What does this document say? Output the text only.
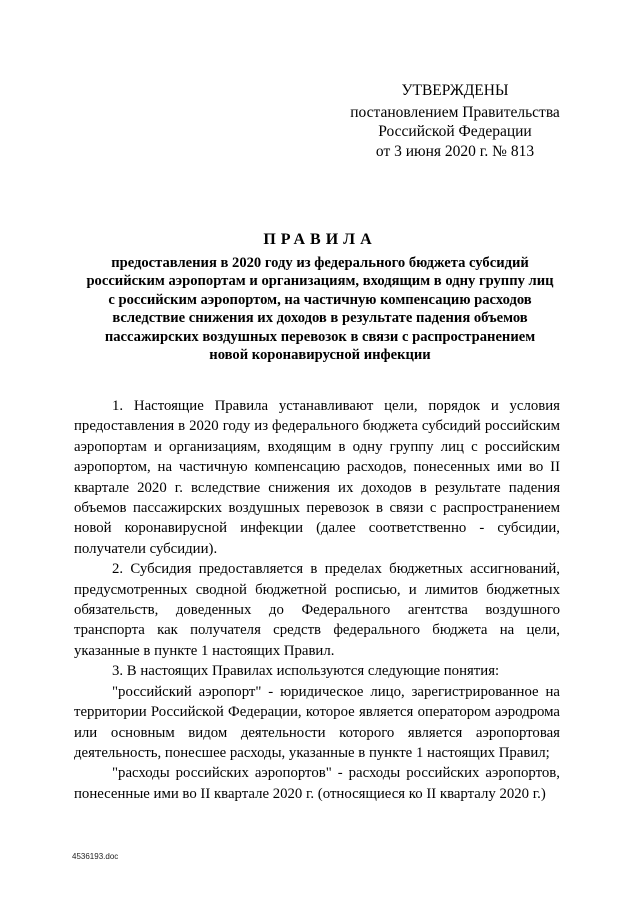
УТВЕРЖДЕНЫ
постановлением Правительства
Российской Федерации
от 3 июня 2020 г. № 813
ПРАВИЛА
предоставления в 2020 году из федерального бюджета субсидий
российским аэропортам и организациям, входящим в одну группу лиц
с российским аэропортом, на частичную компенсацию расходов
вследствие снижения их доходов в результате падения объемов
пассажирских воздушных перевозок в связи с распространением
новой коронавирусной инфекции

1. Настоящие Правила устанавливают цели, порядок и условия предоставления в 2020 году из федерального бюджета субсидий российским аэропортам и организациям, входящим в одну группу лиц с российским аэропортом, на частичную компенсацию расходов, понесенных ими во II квартале 2020 г. вследствие снижения их доходов в результате падения объемов пассажирских воздушных перевозок в связи с распространением новой коронавирусной инфекции (далее соответственно - субсидии, получатели субсидии).

2. Субсидия предоставляется в пределах бюджетных ассигнований, предусмотренных сводной бюджетной росписью, и лимитов бюджетных обязательств, доведенных до Федерального агентства воздушного транспорта как получателя средств федерального бюджета на цели, указанные в пункте 1 настоящих Правил.

3. В настоящих Правилах используются следующие понятия:

"российский аэропорт" - юридическое лицо, зарегистрированное на территории Российской Федерации, которое является оператором аэродрома или основным видом деятельности которого является аэропортовая деятельность, понесшее расходы, указанные в пункте 1 настоящих Правил;

"расходы российских аэропортов" - расходы российских аэропортов, понесенные ими во II квартале 2020 г. (относящиеся ко II кварталу 2020 г.)

4536193.doc
